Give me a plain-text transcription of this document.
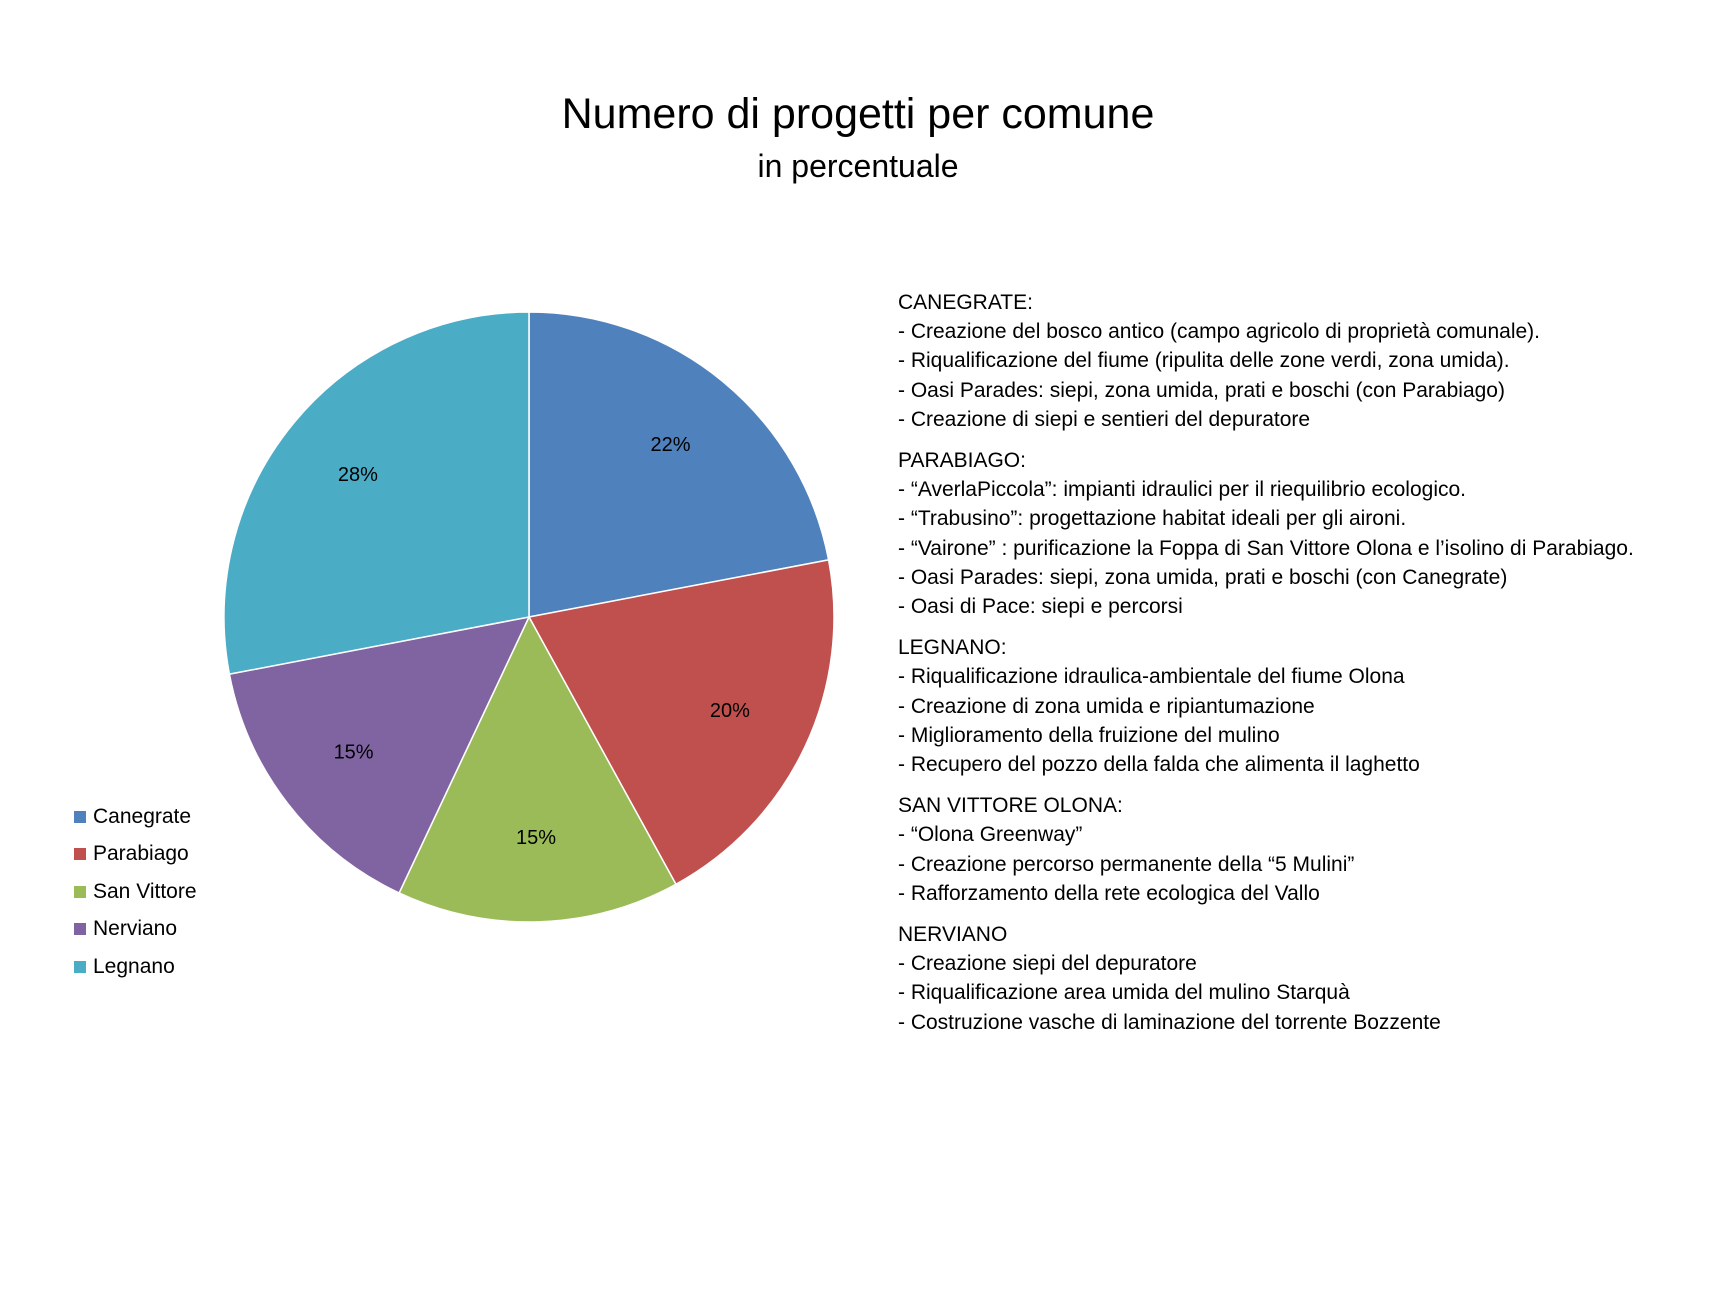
Numero di progetti per comune
in percentuale
22%
20%
15%
15%
28%
Canegrate
Parabiago
San Vittore
Nerviano
Legnano
CANEGRATE:
- Creazione del bosco antico (campo agricolo di proprietà comunale).
- Riqualificazione del fiume (ripulita delle zone verdi, zona umida).
- Oasi Parades: siepi, zona umida, prati e boschi (con Parabiago)
- Creazione di siepi e sentieri del depuratore
PARABIAGO:
- “AverlaPiccola”: impianti idraulici per il riequilibrio ecologico.
- “Trabusino”: progettazione habitat ideali per gli aironi.
- “Vairone” : purificazione la Foppa di San Vittore Olona e l’isolino di Parabiago.
- Oasi Parades: siepi, zona umida, prati e boschi (con Canegrate)
- Oasi di Pace: siepi e percorsi
LEGNANO:
- Riqualificazione idraulica-ambientale del fiume Olona
- Creazione di zona umida e ripiantumazione
- Miglioramento della fruizione del mulino
- Recupero del pozzo della falda che alimenta il laghetto
SAN VITTORE OLONA:
- “Olona Greenway”
- Creazione percorso permanente della “5 Mulini”
- Rafforzamento della rete ecologica del Vallo
NERVIANO
- Creazione siepi del depuratore
- Riqualificazione area umida del mulino Starquà
- Costruzione vasche di laminazione del torrente Bozzente
